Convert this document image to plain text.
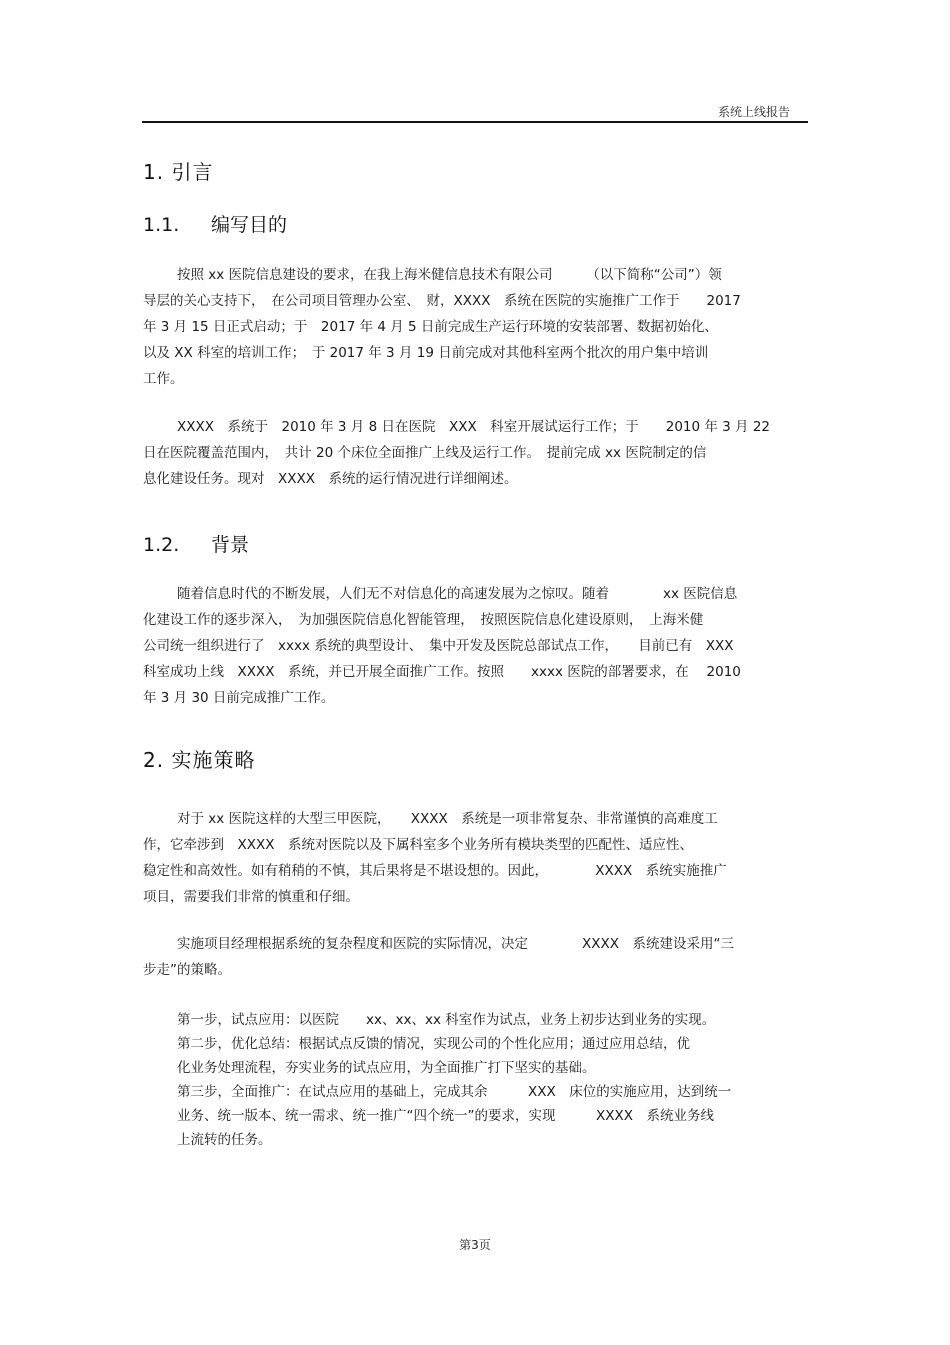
系统上线报告
1. 引言
1.1. 编写目的
按照 xx 医院信息建设的要求，在我上海米健信息技术有限公司　　　（以下简称“公司”）领
导层的关心支持下，　在公司项目管理办公室、　财，XXXX　系统在医院的实施推广工作于　　2017
年 3 月 15 日正式启动；于　2017 年 4 月 5 日前完成生产运行环境的安装部署、数据初始化、
以及 XX 科室的培训工作；　于 2017 年 3 月 19 日前完成对其他科室两个批次的用户集中培训
工作。
XXXX　系统于　2010 年 3 月 8 日在医院　XXX　科室开展试运行工作；于　　2010 年 3 月 22
日在医院覆盖范围内，　共计 20 个床位全面推广上线及运行工作。　提前完成 xx 医院制定的信
息化建设任务。现对　XXXX　系统的运行情况进行详细阐述。
1.2. 背景
随着信息时代的不断发展，人们无不对信息化的高速发展为之惊叹。随着　　　　xx 医院信息
化建设工作的逐步深入，　为加强医院信息化智能管理，　按照医院信息化建设原则，　上海米健
公司统一组织进行了　xxxx 系统的典型设计、　集中开发及医院总部试点工作，　　目前已有　XXX
科室成功上线　XXXX　系统，并已开展全面推广工作。按照　　xxxx 医院的部署要求，在　 2010
年 3 月 30 日前完成推广工作。
2. 实施策略
对于 xx 医院这样的大型三甲医院，　　XXXX　系统是一项非常复杂、非常谨慎的高难度工
作，它牵涉到　XXXX　系统对医院以及下属科室多个业务所有模块类型的匹配性、适应性、
稳定性和高效性。如有稍稍的不慎，其后果将是不堪设想的。因此，　　　　XXXX　系统实施推广
项目，需要我们非常的慎重和仔细。
实施项目经理根据系统的复杂程度和医院的实际情况，决定　　　　XXXX　系统建设采用“三
步走”的策略。
第一步，试点应用：以医院　　xx、xx、xx 科室作为试点，业务上初步达到业务的实现。
第二步，优化总结：根据试点反馈的情况，实现公司的个性化应用；通过应用总结，优
化业务处理流程，夯实业务的试点应用，为全面推广打下坚实的基础。
第三步，全面推广：在试点应用的基础上，完成其余　　　XXX　床位的实施应用，达到统一
业务、统一版本、统一需求、统一推广“四个统一”的要求，实现　　　XXXX　系统业务线
上流转的任务。
第3页
